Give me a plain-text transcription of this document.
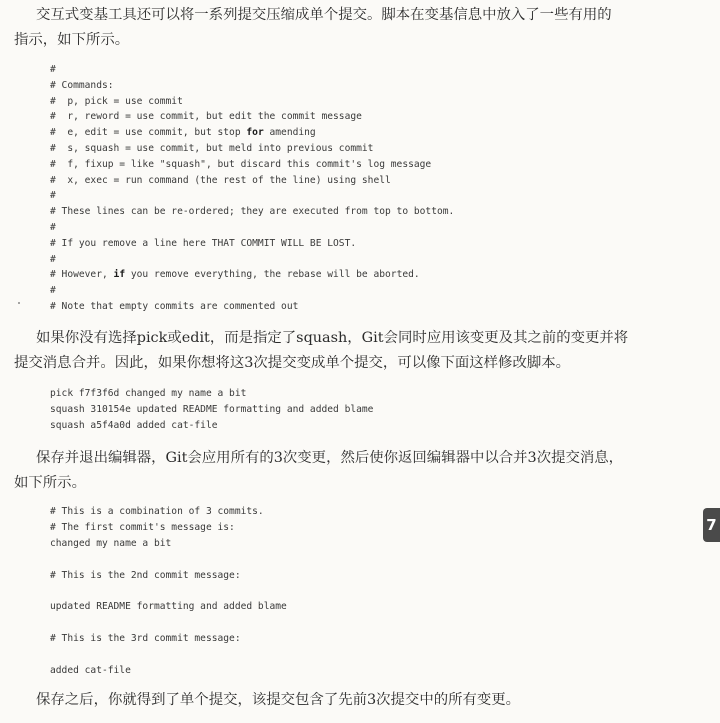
交互式变基工具还可以将一系列提交压缩成单个提交。脚本在变基信息中放入了一些有用的
指示，如下所示。

#
# Commands:
#  p, pick = use commit
#  r, reword = use commit, but edit the commit message
#  e, edit = use commit, but stop for amending
#  s, squash = use commit, but meld into previous commit
#  f, fixup = like "squash", but discard this commit's log message
#  x, exec = run command (the rest of the line) using shell
#
# These lines can be re-ordered; they are executed from top to bottom.
#
# If you remove a line here THAT COMMIT WILL BE LOST.
#
# However, if you remove everything, the rebase will be aborted.
#
# Note that empty commits are commented out

如果你没有选择pick或edit，而是指定了squash，Git会同时应用该变更及其之前的变更并将
提交消息合并。因此，如果你想将这3次提交变成单个提交，可以像下面这样修改脚本。

pick f7f3f6d changed my name a bit
squash 310154e updated README formatting and added blame
squash a5f4a0d added cat-file

保存并退出编辑器，Git会应用所有的3次变更，然后使你返回编辑器中以合并3次提交消息，
如下所示。

# This is a combination of 3 commits.
# The first commit's message is:
changed my name a bit
# This is the 2nd commit message:
updated README formatting and added blame
# This is the 3rd commit message:
added cat-file

保存之后，你就得到了单个提交，该提交包含了先前3次提交中的所有变更。

7
